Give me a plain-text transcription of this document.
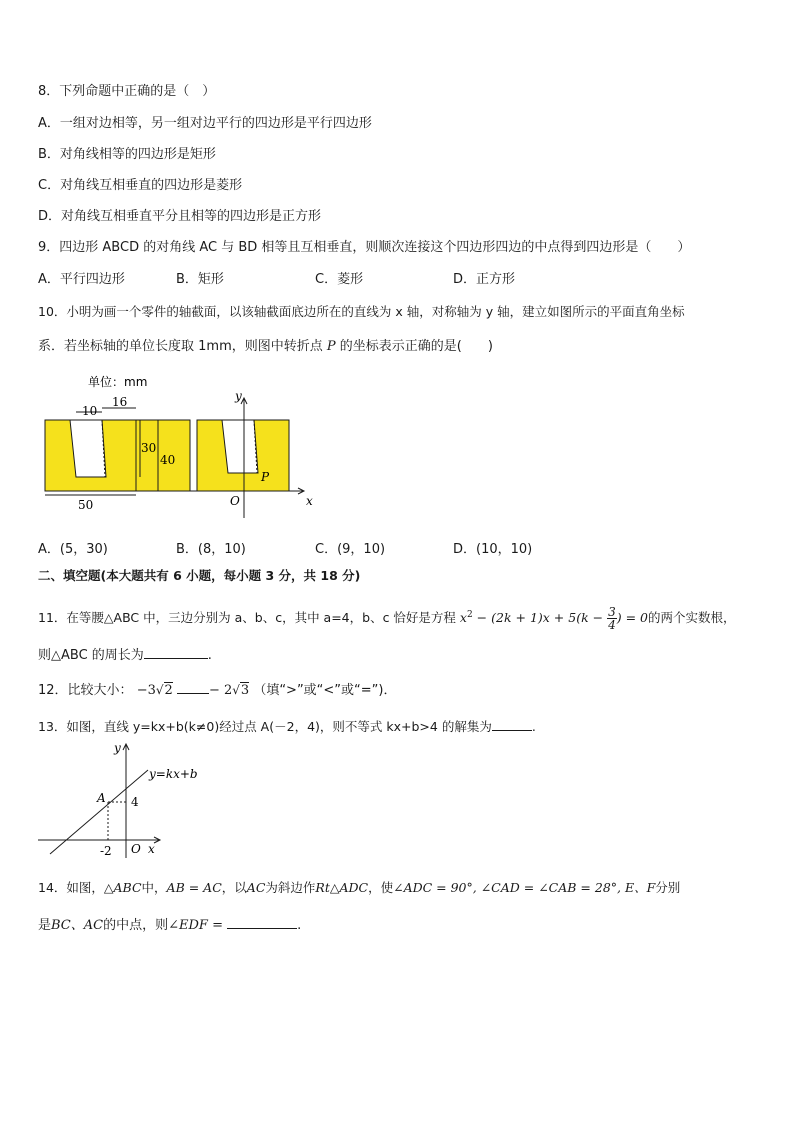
8．下列命题中正确的是（　）
A．一组对边相等，另一组对边平行的四边形是平行四边形
B．对角线相等的四边形是矩形
C．对角线互相垂直的四边形是菱形
D．对角线互相垂直平分且相等的四边形是正方形
9．四边形 ABCD 的对角线 AC 与 BD 相等且互相垂直，则顺次连接这个四边形四边的中点得到四边形是（　　）
A．平行四边形	B．矩形	C．菱形	D．正方形
10．小明为画一个零件的轴截面，以该轴截面底边所在的直线为 x 轴，对称轴为 y 轴，建立如图所示的平面直角坐标
系．若坐标轴的单位长度取 1mm，则图中转折点 P 的坐标表示正确的是(　　)
单位：mm
10
16
30
40
50
y
x
O
P
A．(5，30)	B．(8，10)	C．(9，10)	D．(10，10)
二、填空题(本大题共有 6 小题，每小题 3 分，共 18 分)
11．在等腰△ABC 中，三边分别为 a、b、c，其中 a=4，b、c 恰好是方程 $x^2 - (2k + 1)x + 5(k - \frac{3}{4}$ ) = 0的两个实数根，
则△ABC 的周长为	.
12．比较大小： −3√2	− 2√3 （填“>”或“<”或“=”)．
13．如图，直线 y=kx+b(k≠0)经过点 A(－2，4)，则不等式 kx+b>4 的解集为	.
y
x
y=kx+b
A 4
-2 O
14．如图，△ABC中，AB = AC，以AC为斜边作Rt△ADC，使∠ADC = 90°, ∠CAD = ∠CAB = 28°, E、F分别
是BC、AC的中点，则∠EDF =	.
